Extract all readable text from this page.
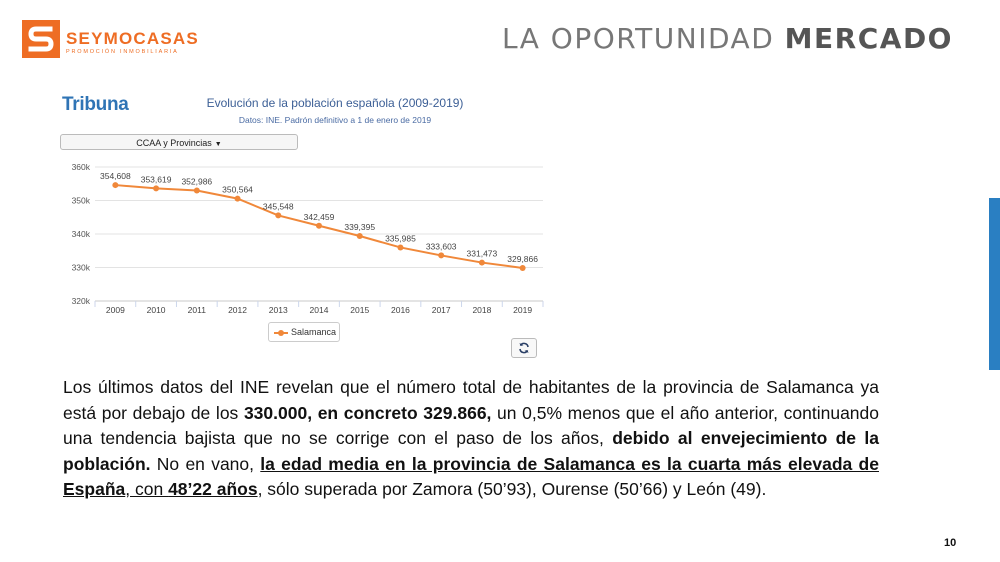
SEYMOCASAS
PROMOCIÓN INMOBILIARIA	LA OPORTUNIDAD MERCADO
Tribuna	Evolución de la población española (2009-2019)
Datos: INE. Padrón definitivo a 1 de enero de 2019
CCAA y Provincias ▼
360k
350k
340k
330k
320k
2009	2010	2011	2012	2013	2014	2015	2016	2017	2018	2019
354,608 353,619 352,986
350,564
345,548
342,459
339,395
335,985
333,603
331,473
329,866
Salamanca
Los últimos datos del INE revelan que el número total de habitantes de la provincia de Salamanca ya está por debajo de los 330.000, en concreto 329.866, un 0,5% menos que el año anterior, continuando una tendencia bajista que no se corrige con el paso de los años, debido al envejecimiento de la población. No en vano, la edad media en la provincia de Salamanca es la cuarta más elevada de España, con 48’22 años, sólo superada por Zamora (50’93), Ourense (50’66) y León (49).
10
